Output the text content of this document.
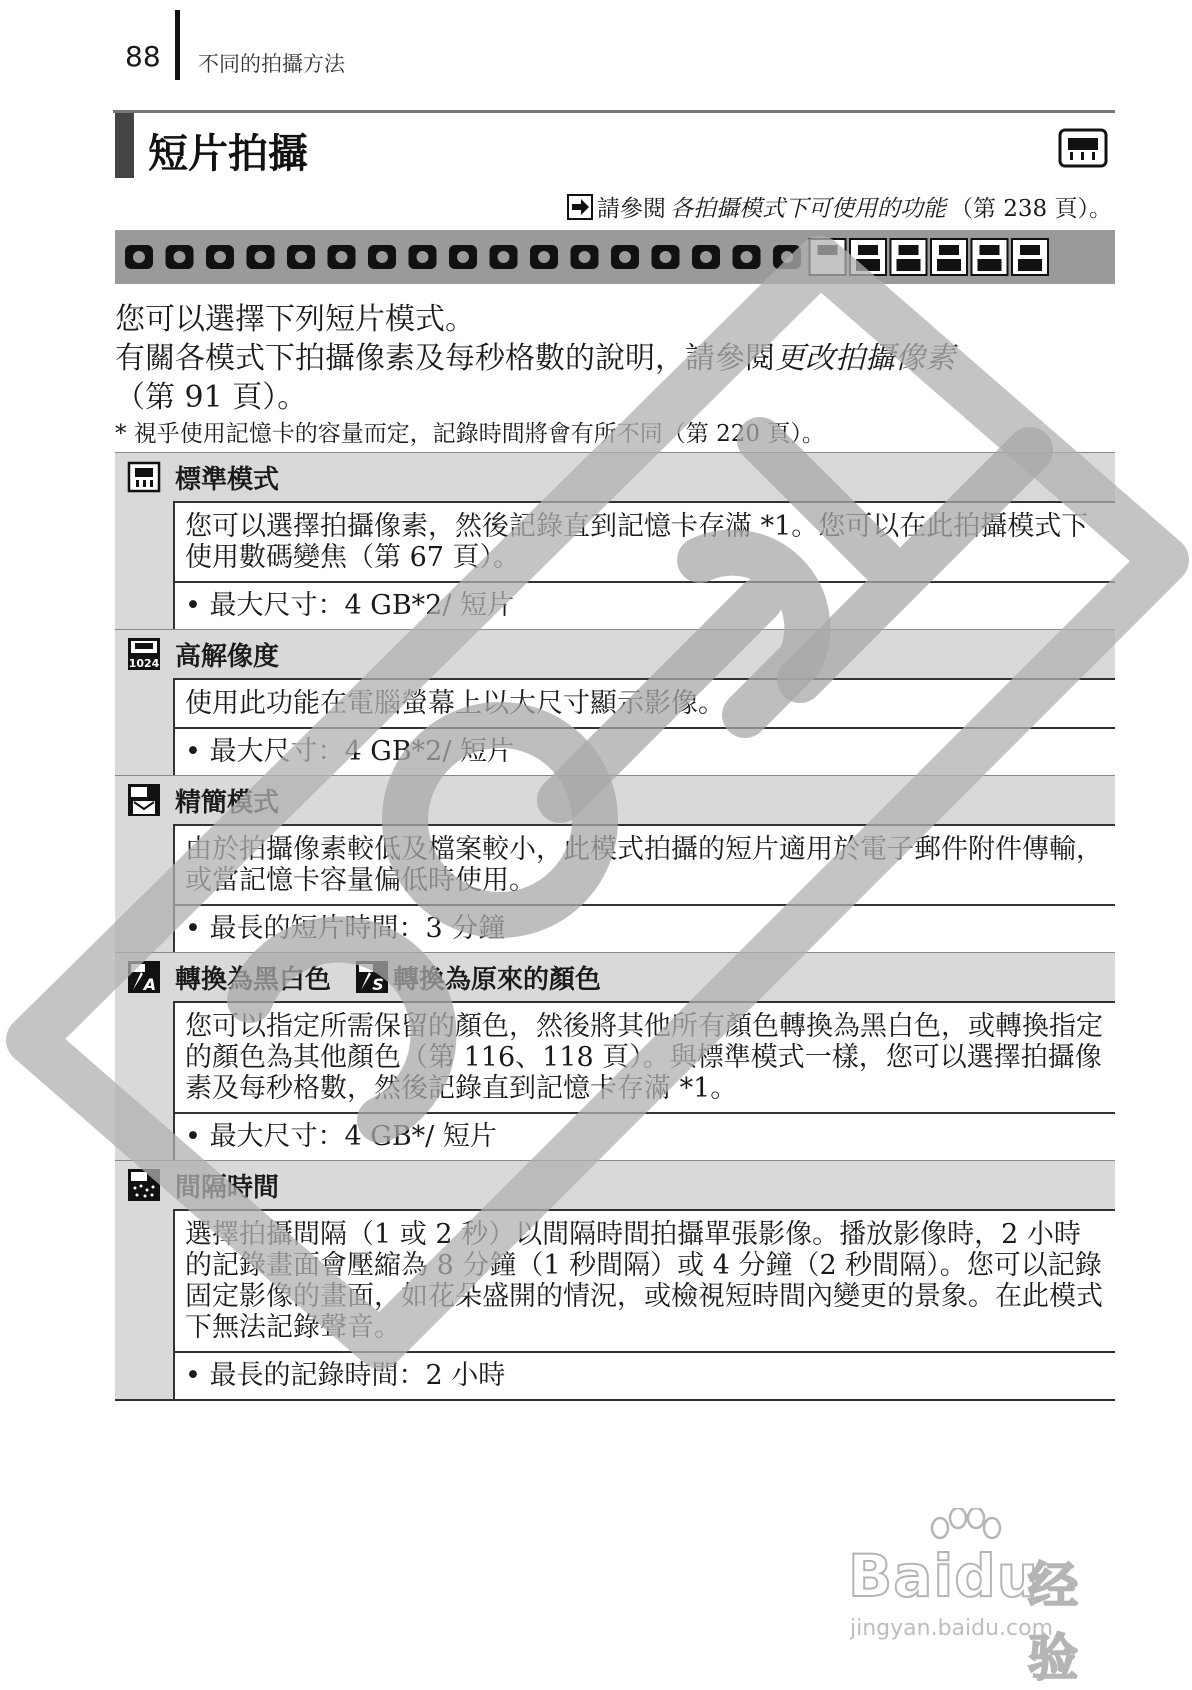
88 不同的拍攝方法
短片拍攝
請參閱 各拍攝模式下可使用的功能 （第 238 頁）。
您可以選擇下列短片模式。
有關各模式下拍攝像素及每秒格數的說明，請參閱更改拍攝像素
（第 91 頁）。
* 視乎使用記憶卡的容量而定，記錄時間將會有所不同（第 220 頁）。
標準模式
您可以選擇拍攝像素，然後記錄直到記憶卡存滿 *1。您可以在此拍攝模式下使用數碼變焦（第 67 頁）。
• 最大尺寸：4 GB*2/ 短片
1024 高解像度
使用此功能在電腦螢幕上以大尺寸顯示影像。
• 最大尺寸：4 GB*2/ 短片
精簡模式
由於拍攝像素較低及檔案較小，此模式拍攝的短片適用於電子郵件附件傳輸，或當記憶卡容量偏低時使用。
• 最長的短片時間：3 分鐘
A 轉換為黑白色	S 轉換為原來的顏色
您可以指定所需保留的顏色，然後將其他所有顏色轉換為黑白色，或轉換指定的顏色為其他顏色（第 116、118 頁）。與標準模式一樣，您可以選擇拍攝像素及每秒格數，然後記錄直到記憶卡存滿 *1。
• 最大尺寸：4 GB*/ 短片
間隔時間
選擇拍攝間隔（1 或 2 秒）以間隔時間拍攝單張影像。播放影像時，2 小時的記錄畫面會壓縮為 8 分鐘（1 秒間隔）或 4 分鐘（2 秒間隔）。您可以記錄固定影像的畫面，如花朵盛開的情況，或檢視短時間內變更的景象。在此模式下無法記錄聲音。
• 最長的記錄時間：2 小時
Baidu
经验
jingyan.baidu.com
